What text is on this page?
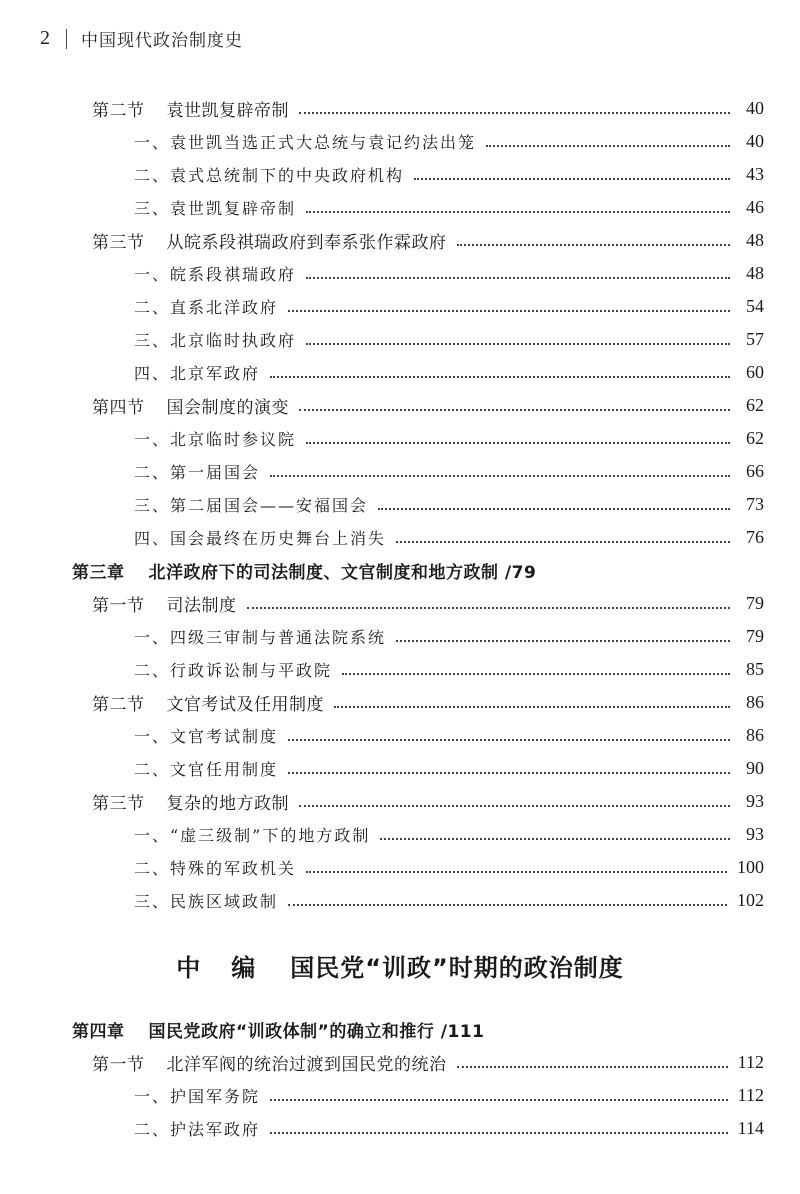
2 中国现代政治制度史
第二节 袁世凯复辟帝制	40
一、袁世凯当选正式大总统与袁记约法出笼	40
二、袁式总统制下的中央政府机构	43
三、袁世凯复辟帝制	46
第三节 从皖系段祺瑞政府到奉系张作霖政府	48
一、皖系段祺瑞政府	48
二、直系北洋政府	54
三、北京临时执政府	57
四、北京军政府	60
第四节 国会制度的演变	62
一、北京临时参议院	62
二、第一届国会	66
三、第二届国会——安福国会	73
四、国会最终在历史舞台上消失	76
第三章 北洋政府下的司法制度、文官制度和地方政制 /79
第一节 司法制度	79
一、四级三审制与普通法院系统	79
二、行政诉讼制与平政院	85
第二节 文官考试及任用制度	86
一、文官考试制度	86
二、文官任用制度	90
第三节 复杂的地方政制	93
一、“虚三级制”下的地方政制	93
二、特殊的军政机关	100
三、民族区域政制	102
中 编 国民党“训政”时期的政治制度
第四章 国民党政府“训政体制”的确立和推行 /111
第一节 北洋军阀的统治过渡到国民党的统治	112
一、护国军务院	112
二、护法军政府	114
